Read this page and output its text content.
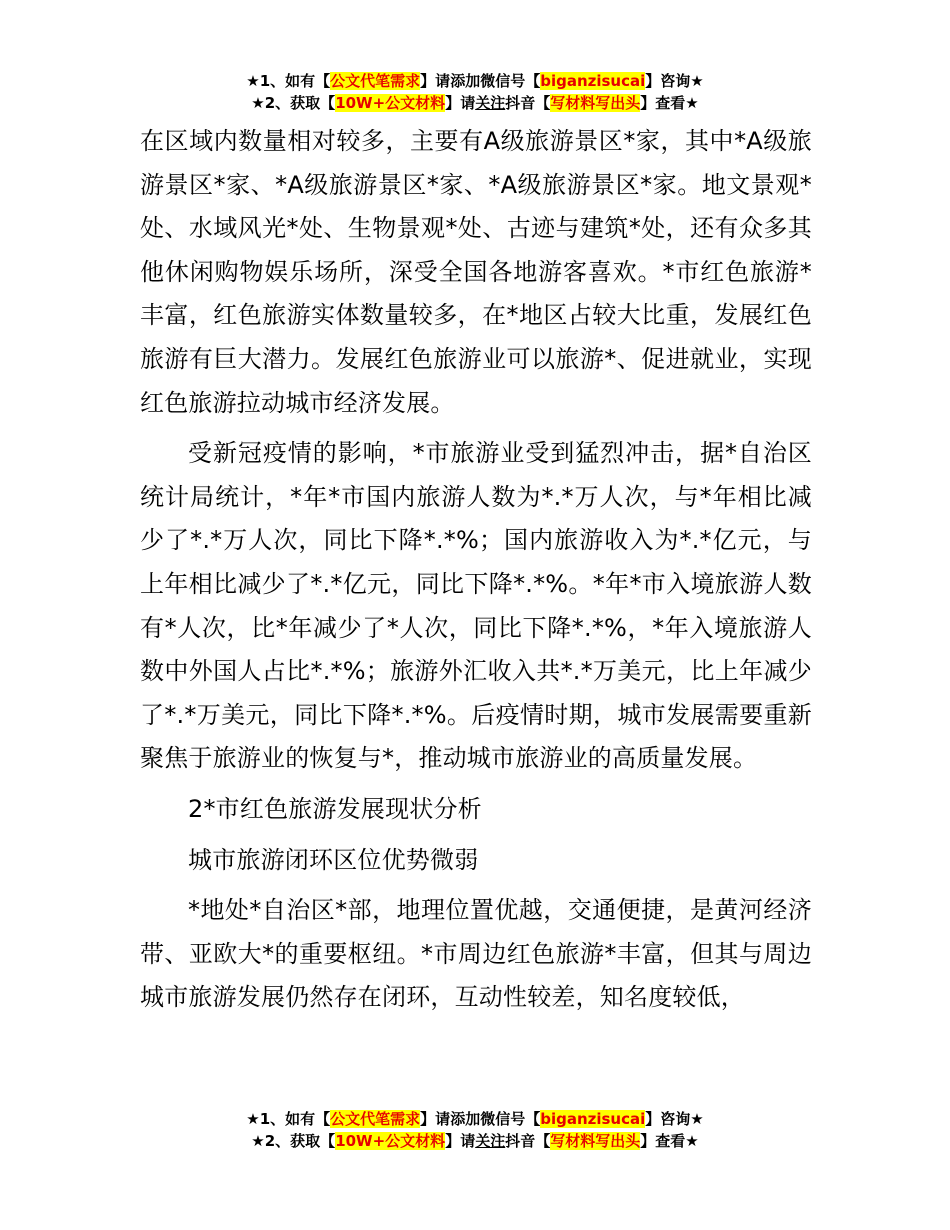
★1、如有【公文代笔需求】请添加微信号【biganzisucai】咨询★
★2、获取【10W+公文材料】请关注抖音【写材料写出头】查看★

在区域内数量相对较多，主要有A级旅游景区*家，其中*A级旅游景区*家、*A级旅游景区*家、*A级旅游景区*家。地文景观*处、水域风光*处、生物景观*处、古迹与建筑*处，还有众多其他休闲购物娱乐场所，深受全国各地游客喜欢。*市红色旅游*丰富，红色旅游实体数量较多，在*地区占较大比重，发展红色旅游有巨大潜力。发展红色旅游业可以旅游*、促进就业，实现红色旅游拉动城市经济发展。

受新冠疫情的影响，*市旅游业受到猛烈冲击，据*自治区统计局统计，*年*市国内旅游人数为*.*万人次，与*年相比减少了*.*万人次，同比下降*.*%；国内旅游收入为*.*亿元，与上年相比减少了*.*亿元，同比下降*.*%。*年*市入境旅游人数有*人次，比*年减少了*人次，同比下降*.*%，*年入境旅游人数中外国人占比*.*%；旅游外汇收入共*.*万美元，比上年减少了*.*万美元，同比下降*.*%。后疫情时期，城市发展需要重新聚焦于旅游业的恢复与*，推动城市旅游业的高质量发展。

2*市红色旅游发展现状分析

城市旅游闭环区位优势微弱

*地处*自治区*部，地理位置优越，交通便捷，是黄河经济带、亚欧大*的重要枢纽。*市周边红色旅游*丰富，但其与周边城市旅游发展仍然存在闭环，互动性较差，知名度较低，

★1、如有【公文代笔需求】请添加微信号【biganzisucai】咨询★
★2、获取【10W+公文材料】请关注抖音【写材料写出头】查看★
